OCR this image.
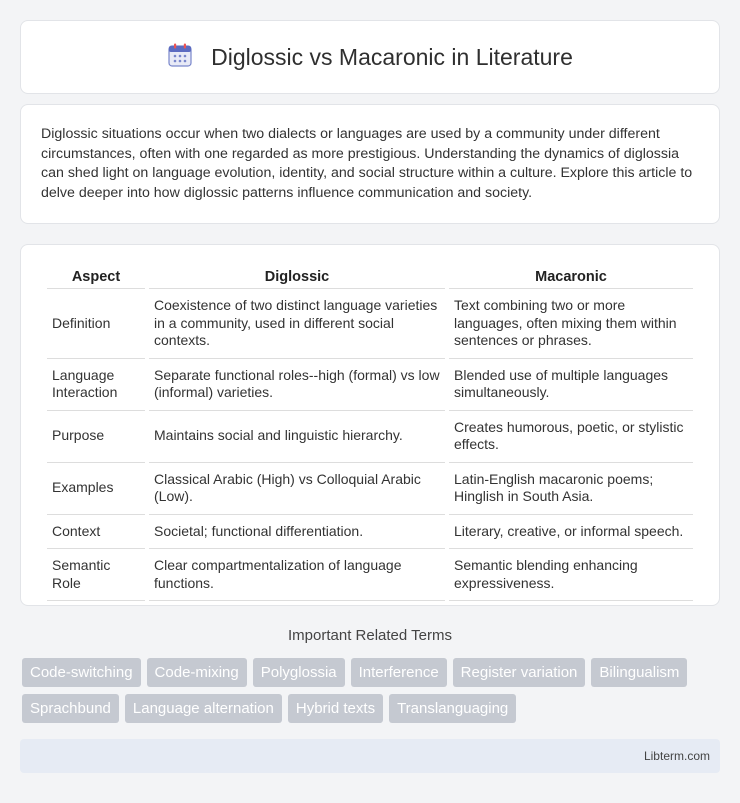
Diglossic vs Macaronic in Literature

Diglossic situations occur when two dialects or languages are used by a community under different circumstances, often with one regarded as more prestigious. Understanding the dynamics of diglossia can shed light on language evolution, identity, and social structure within a culture. Explore this article to delve deeper into how diglossic patterns influence communication and society.

Aspect	Diglossic	Macaronic
Definition	Coexistence of two distinct language varieties in a community, used in different social contexts.	Text combining two or more languages, often mixing them within sentences or phrases.
Language Interaction	Separate functional roles--high (formal) vs low (informal) varieties.	Blended use of multiple languages simultaneously.
Purpose	Maintains social and linguistic hierarchy.	Creates humorous, poetic, or stylistic effects.
Examples	Classical Arabic (High) vs Colloquial Arabic (Low).	Latin-English macaronic poems; Hinglish in South Asia.
Context	Societal; functional differentiation.	Literary, creative, or informal speech.
Semantic Role	Clear compartmentalization of language functions.	Semantic blending enhancing expressiveness.
Important Related Terms
Code-switching	Code-mixing	Polyglossia	Interference	Register variation	Bilingualism
Sprachbund	Language alternation	Hybrid texts	Translanguaging
Libterm.com
